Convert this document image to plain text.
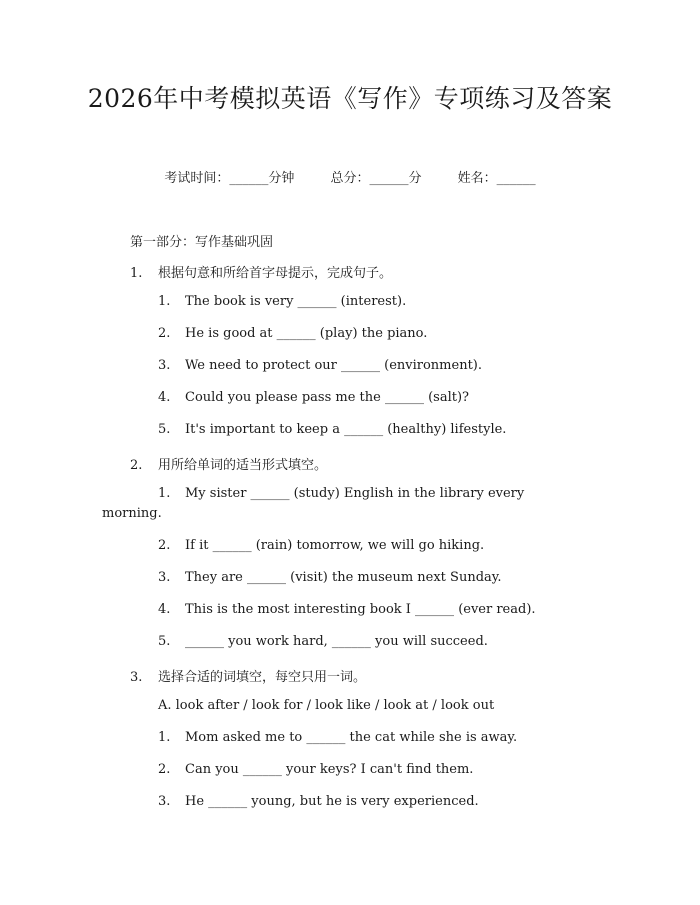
2026年中考模拟英语《写作》专项练习及答案
考试时间：______分钟	总分：______分	姓名：______
第一部分：写作基础巩固
1. 根据句意和所给首字母提示，完成句子。
1. The book is very ______ (interest).
2. He is good at ______ (play) the piano.
3. We need to protect our ______ (environment).
4. Could you please pass me the ______ (salt)?
5. It's important to keep a ______ (healthy) lifestyle.
2. 用所给单词的适当形式填空。
1. My sister ______ (study) English in the library every
morning.
2. If it ______ (rain) tomorrow, we will go hiking.
3. They are ______ (visit) the museum next Sunday.
4. This is the most interesting book I ______ (ever read).
5. ______ you work hard, ______ you will succeed.
3. 选择合适的词填空，每空只用一词。
A. look after / look for / look like / look at / look out
1. Mom asked me to ______ the cat while she is away.
2. Can you ______ your keys? I can't find them.
3. He ______ young, but he is very experienced.
